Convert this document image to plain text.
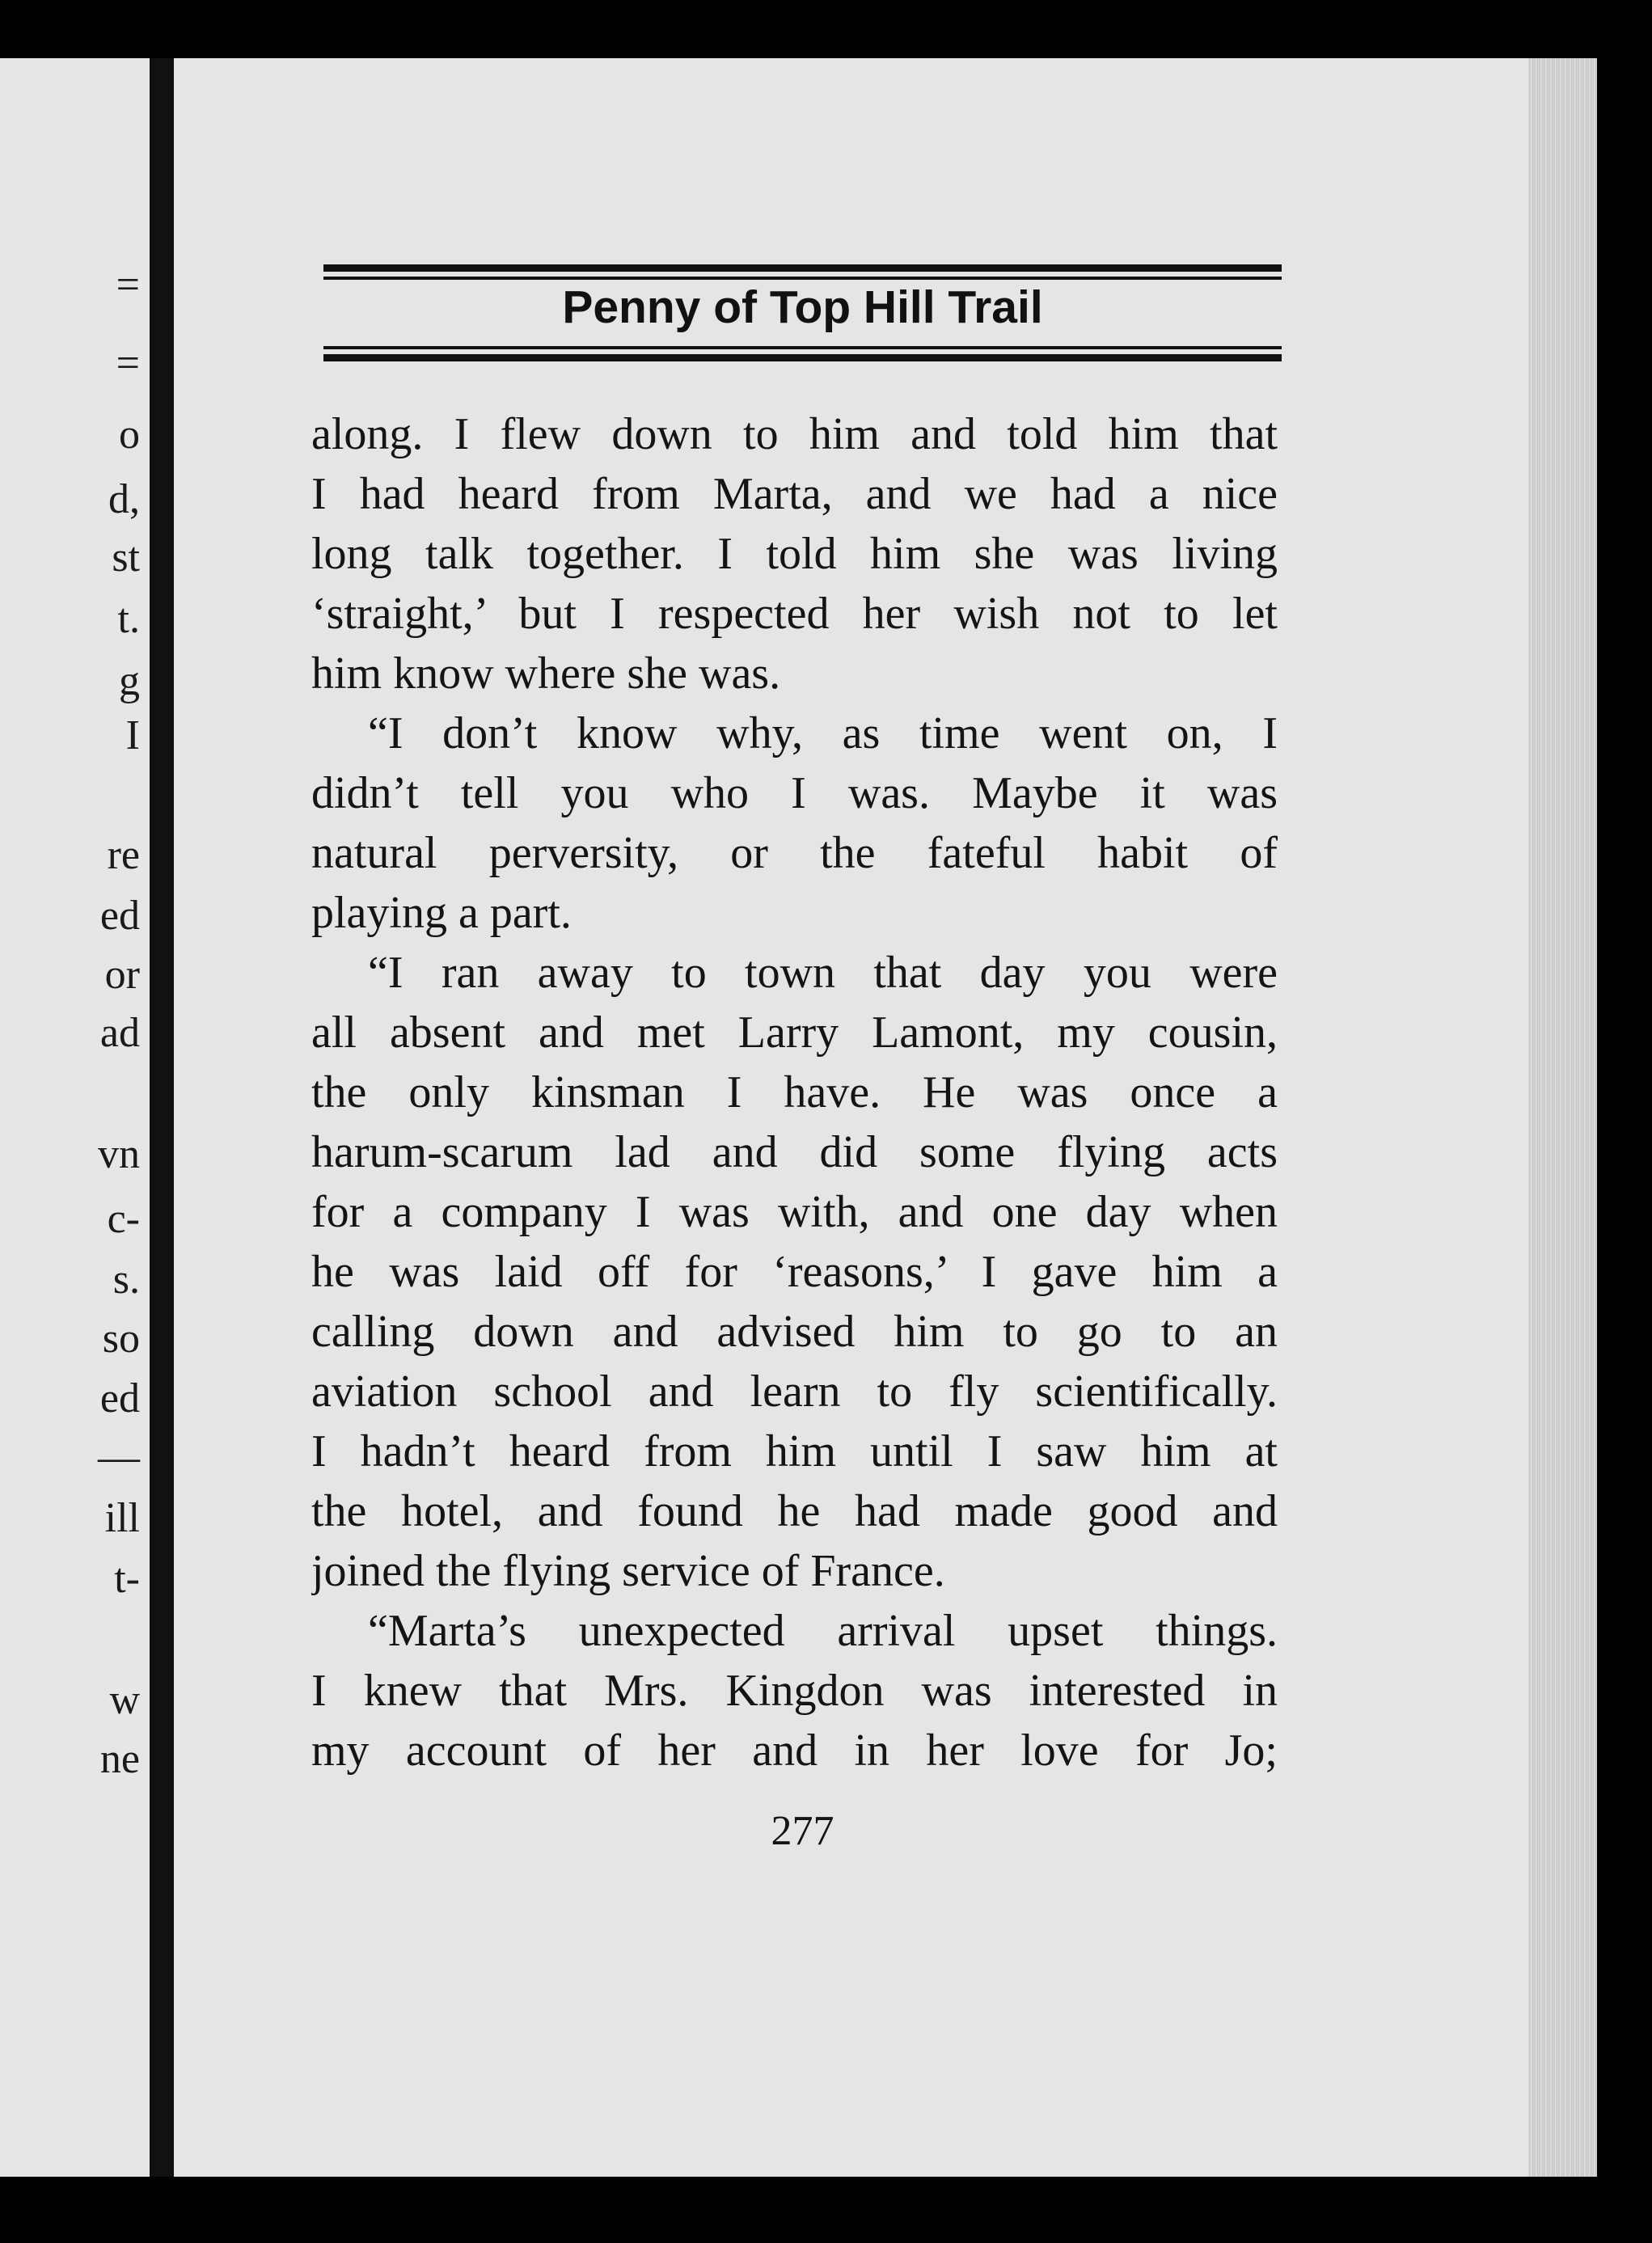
=
=
o
d,
st
t.
g
I
re
ed
or
ad
vn
c-
s.
so
ed
—
ill
t-
w
ne
Penny of Top Hill Trail
along. I flew down to him and told him that
I had heard from Marta, and we had a nice
long talk together. I told him she was living
‘straight,’ but I respected her wish not to let
him know where she was.
“I don’t know why, as time went on, I
didn’t tell you who I was. Maybe it was
natural perversity, or the fateful habit of
playing a part.
“I ran away to town that day you were
all absent and met Larry Lamont, my cousin,
the only kinsman I have. He was once a
harum-scarum lad and did some flying acts
for a company I was with, and one day when
he was laid off for ‘reasons,’ I gave him a
calling down and advised him to go to an
aviation school and learn to fly scientifically.
I hadn’t heard from him until I saw him at
the hotel, and found he had made good and
joined the flying service of France.
“Marta’s unexpected arrival upset things.
I knew that Mrs. Kingdon was interested in
my account of her and in her love for Jo;
277
